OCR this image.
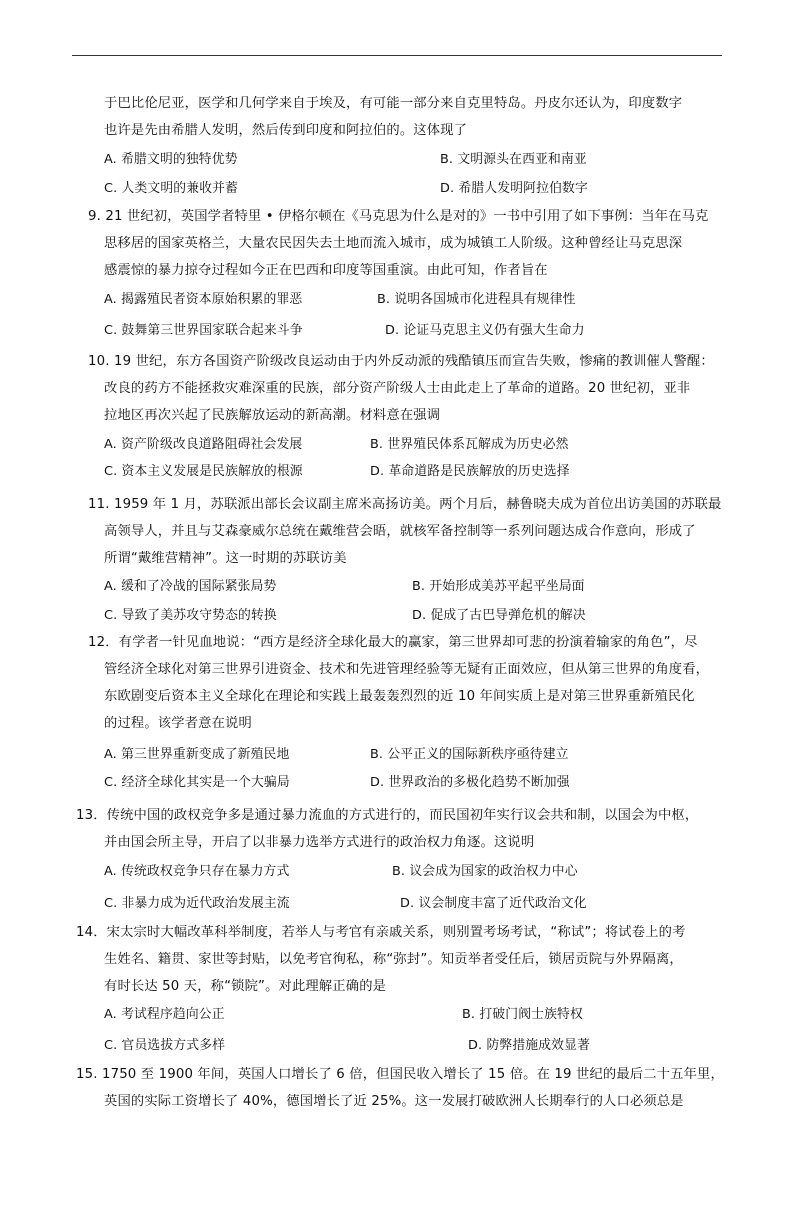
于巴比伦尼亚，医学和几何学来自于埃及，有可能一部分来自克里特岛。丹皮尔还认为，印度数字
也许是先由希腊人发明，然后传到印度和阿拉伯的。这体现了
A. 希腊文明的独特优势	B. 文明源头在西亚和南亚
C. 人类文明的兼收并蓄	D. 希腊人发明阿拉伯数字
9. 21 世纪初，英国学者特里 • 伊格尔顿在《马克思为什么是对的》一书中引用了如下事例：当年在马克
思移居的国家英格兰，大量农民因失去土地而流入城市，成为城镇工人阶级。这种曾经让马克思深
感震惊的暴力掠夺过程如今正在巴西和印度等国重演。由此可知，作者旨在
A. 揭露殖民者资本原始积累的罪恶	B. 说明各国城市化进程具有规律性
C. 鼓舞第三世界国家联合起来斗争	D. 论证马克思主义仍有强大生命力
10. 19 世纪，东方各国资产阶级改良运动由于内外反动派的残酷镇压而宣告失败，惨痛的教训催人警醒：
改良的药方不能拯救灾难深重的民族，部分资产阶级人士由此走上了革命的道路。20 世纪初，亚非
拉地区再次兴起了民族解放运动的新高潮。材料意在强调
A. 资产阶级改良道路阻碍社会发展	B. 世界殖民体系瓦解成为历史必然
C. 资本主义发展是民族解放的根源	D. 革命道路是民族解放的历史选择
11. 1959 年 1 月，苏联派出部长会议副主席米高扬访美。两个月后，赫鲁晓夫成为首位出访美国的苏联最
高领导人，并且与艾森豪威尔总统在戴维营会晤，就核军备控制等一系列问题达成合作意向，形成了
所谓“戴维营精神”。这一时期的苏联访美
A. 缓和了冷战的国际紧张局势	B. 开始形成美苏平起平坐局面
C. 导致了美苏攻守势态的转换	D. 促成了古巴导弹危机的解决
12．有学者一针见血地说：“西方是经济全球化最大的赢家，第三世界却可悲的扮演着输家的角色”，尽
管经济全球化对第三世界引进资金、技术和先进管理经验等无疑有正面效应，但从第三世界的角度看，
东欧剧变后资本主义全球化在理论和实践上最轰轰烈烈的近 10 年间实质上是对第三世界重新殖民化
的过程。该学者意在说明
A. 第三世界重新变成了新殖民地	B. 公平正义的国际新秩序亟待建立
C. 经济全球化其实是一个大骗局	D. 世界政治的多极化趋势不断加强
13．传统中国的政权竞争多是通过暴力流血的方式进行的，而民国初年实行议会共和制，以国会为中枢，
并由国会所主导，开启了以非暴力选举方式进行的政治权力角逐。这说明
A. 传统政权竞争只存在暴力方式	B. 议会成为国家的政治权力中心
C. 非暴力成为近代政治发展主流	D. 议会制度丰富了近代政治文化
14．宋太宗时大幅改革科举制度，若举人与考官有亲戚关系，则别置考场考试，“称试”；将试卷上的考
生姓名、籍贯、家世等封贴，以免考官徇私，称“弥封”。知贡举者受任后，锁居贡院与外界隔离，
有时长达 50 天，称“锁院”。对此理解正确的是
A. 考试程序趋向公正	B. 打破门阀士族特权
C. 官员选拔方式多样	D. 防弊措施成效显著
15. 1750 至 1900 年间，英国人口增长了 6 倍，但国民收入增长了 15 倍。在 19 世纪的最后二十五年里，
英国的实际工资增长了 40%，德国增长了近 25%。这一发展打破欧洲人长期奉行的人口必须总是
